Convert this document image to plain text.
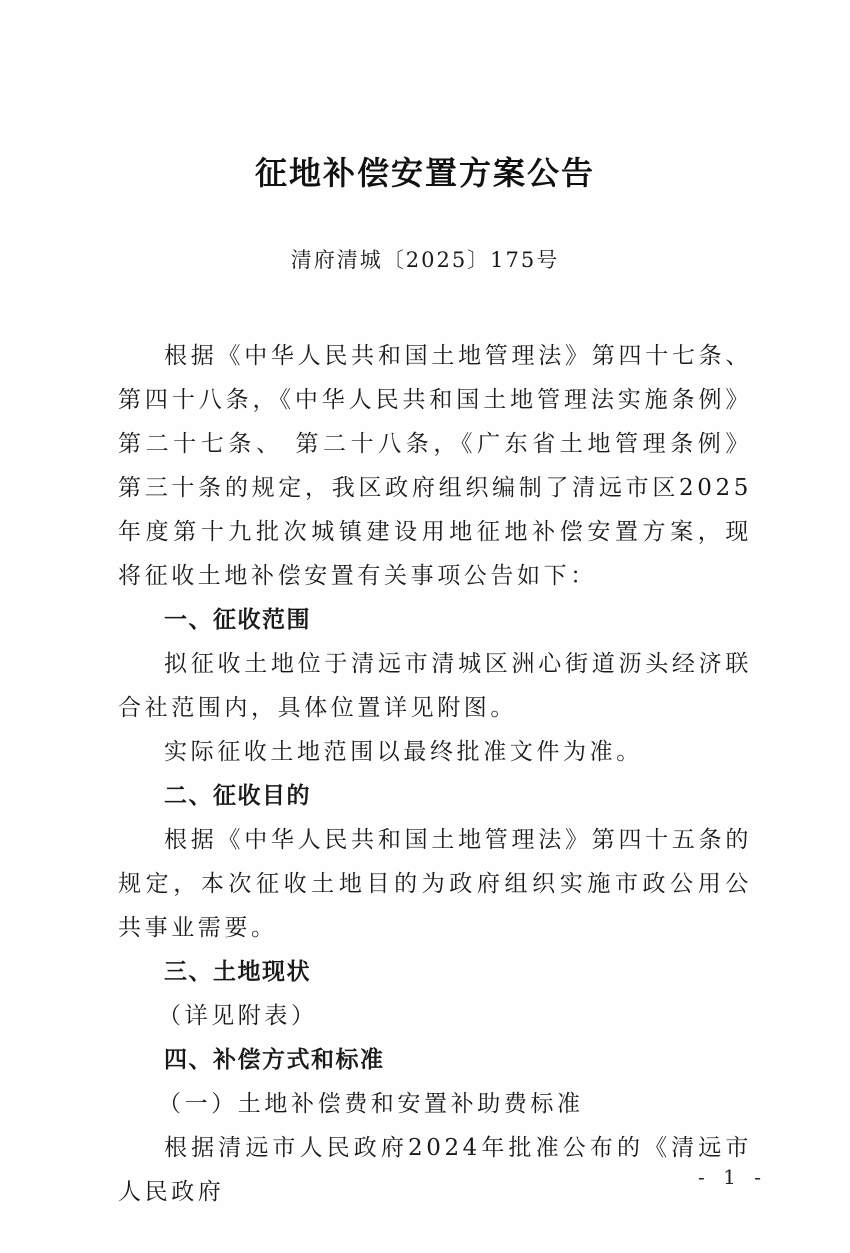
征地补偿安置方案公告
清府清城〔2025〕175号

根据《中华人民共和国土地管理法》第四十七条、第四十八条，《中华人民共和国土地管理法实施条例》第二十七条、 第二十八条，《广东省土地管理条例》第三十条的规定，我区政府组织编制了清远市区2025年度第十九批次城镇建设用地征地补偿安置方案，现将征收土地补偿安置有关事项公告如下：

一、征收范围

拟征收土地位于清远市清城区洲心街道沥头经济联合社范围内，具体位置详见附图。

实际征收土地范围以最终批准文件为准。

二、征收目的

根据《中华人民共和国土地管理法》第四十五条的规定，本次征收土地目的为政府组织实施市政公用公共事业需要。

三、土地现状

（详见附表）

四、补偿方式和标准

（一）土地补偿费和安置补助费标准

根据清远市人民政府2024年批准公布的《清远市人民政府

- 1 -
